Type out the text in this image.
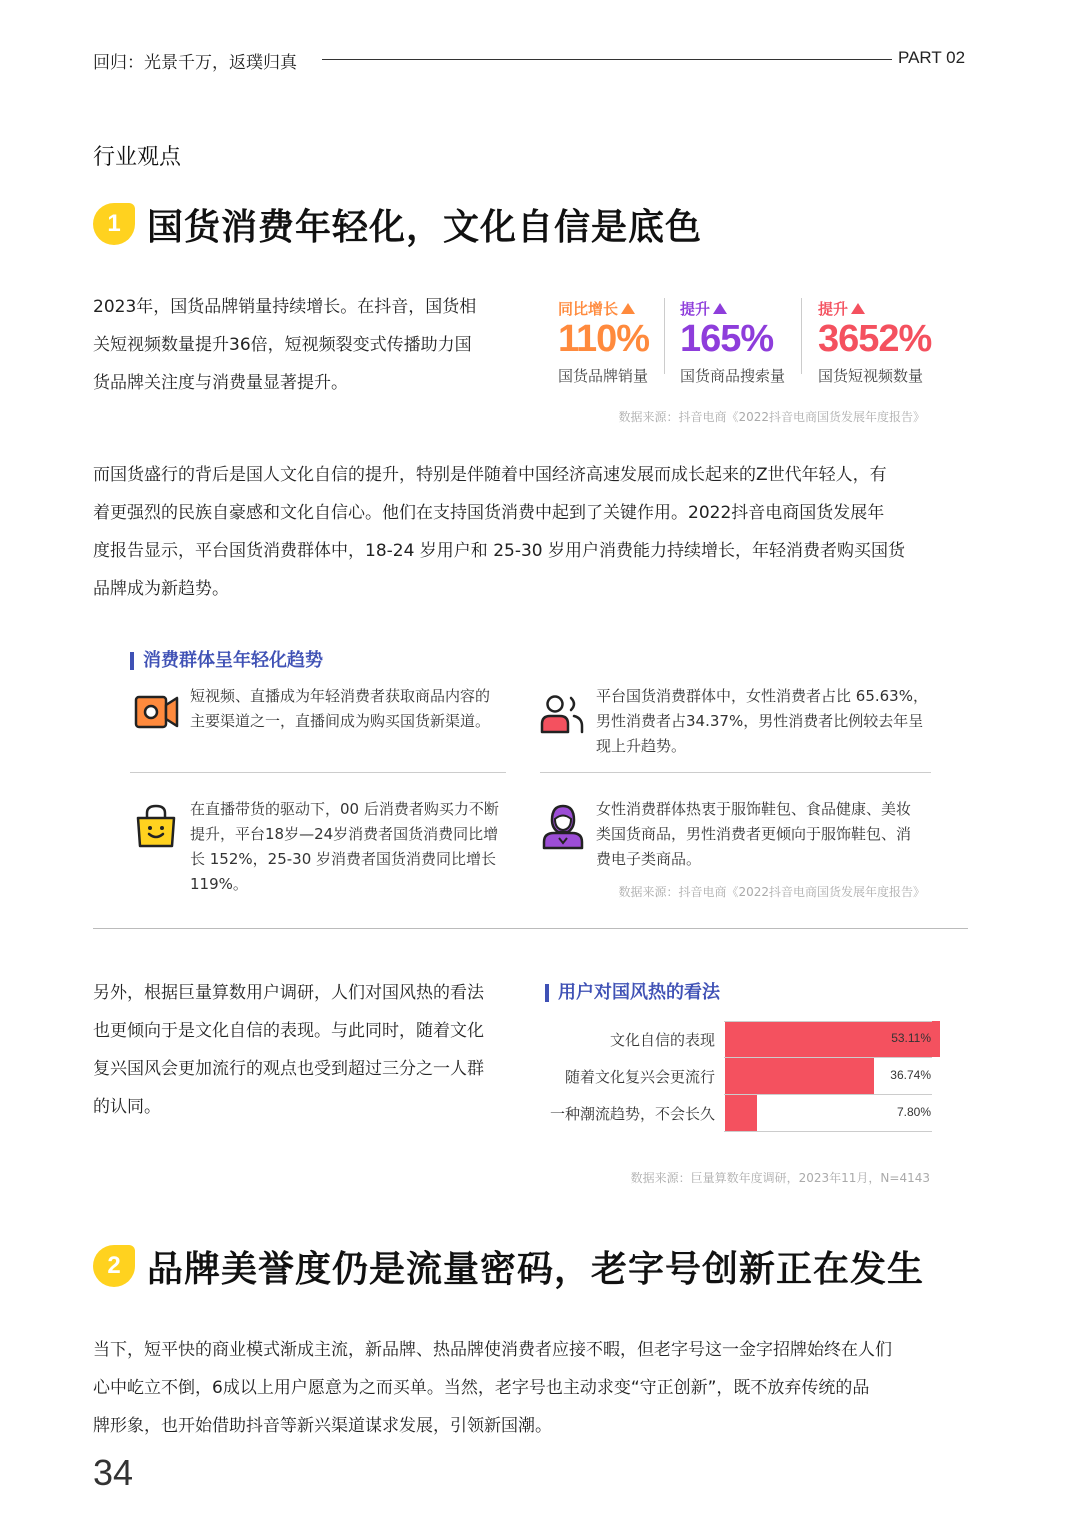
回归：光景千万，返璞归真	PART 02
行业观点
1 国货消费年轻化，文化自信是底色
2023年，国货品牌销量持续增长。在抖音，国货相
关短视频数量提升36倍，短视频裂变式传播助力国
货品牌关注度与消费量显著提升。
同比增长
110%
国货品牌销量
提升
165%
国货商品搜索量
提升
3652%
国货短视频数量
数据来源：抖音电商《2022抖音电商国货发展年度报告》
而国货盛行的背后是国人文化自信的提升，特别是伴随着中国经济高速发展而成长起来的Z世代年轻人，有
着更强烈的民族自豪感和文化自信心。他们在支持国货消费中起到了关键作用。2022抖音电商国货发展年
度报告显示，平台国货消费群体中，18-24 岁用户和 25-30 岁用户消费能力持续增长，年轻消费者购买国货
品牌成为新趋势。
消费群体呈年轻化趋势
短视频、直播成为年轻消费者获取商品内容的
主要渠道之一，直播间成为购买国货新渠道。
平台国货消费群体中，女性消费者占比 65.63%，
男性消费者占34.37%，男性消费者比例较去年呈
现上升趋势。
在直播带货的驱动下，00 后消费者购买力不断
提升，平台18岁—24岁消费者国货消费同比增
长 152%，25-30 岁消费者国货消费同比增长
119%。
女性消费群体热衷于服饰鞋包、食品健康、美妆
类国货商品，男性消费者更倾向于服饰鞋包、消
费电子类商品。
数据来源：抖音电商《2022抖音电商国货发展年度报告》
另外，根据巨量算数用户调研，人们对国风热的看法
也更倾向于是文化自信的表现。与此同时，随着文化
复兴国风会更加流行的观点也受到超过三分之一人群
的认同。
用户对国风热的看法
文化自信的表现	53.11%
随着文化复兴会更流行	36.74%
一种潮流趋势，不会长久	7.80%
数据来源：巨量算数年度调研，2023年11月，N=4143
2 品牌美誉度仍是流量密码，老字号创新正在发生
当下，短平快的商业模式渐成主流，新品牌、热品牌使消费者应接不暇，但老字号这一金字招牌始终在人们
心中屹立不倒，6成以上用户愿意为之而买单。当然，老字号也主动求变“守正创新”，既不放弃传统的品
牌形象，也开始借助抖音等新兴渠道谋求发展，引领新国潮。
34
